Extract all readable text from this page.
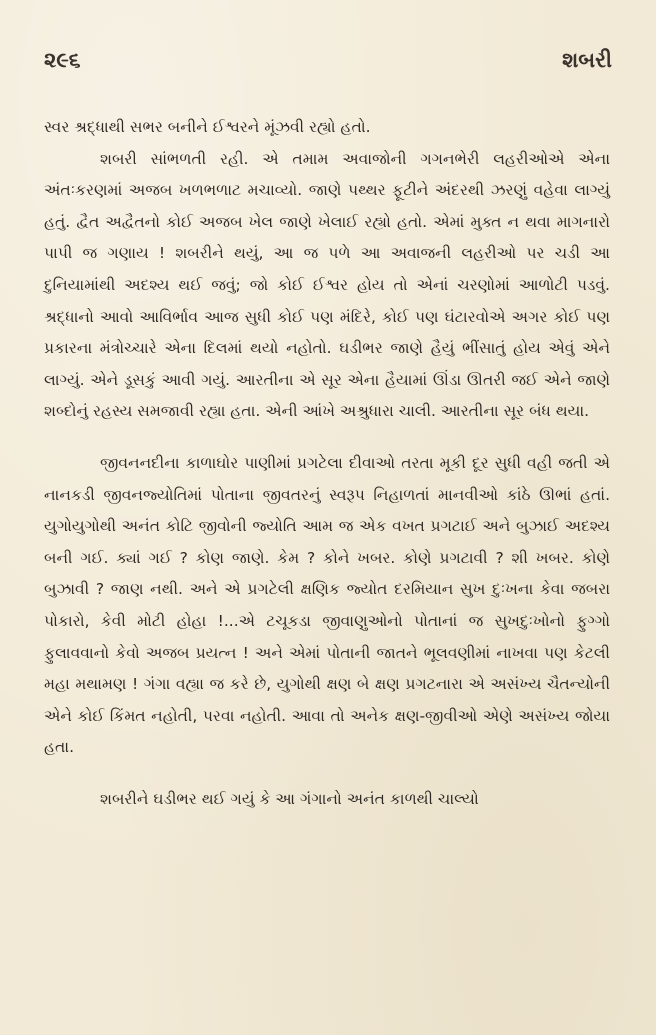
૨૯૬	શબરી

સ્વર શ્રદ્ધાથી સભર બનીને ઈશ્વરને મૂંઝવી રહ્યો હતો.

શબરી સાંભળતી રહી. એ તમામ અવાજોની ગગનભેરી લહરીઓએ એના અંતઃકરણમાં અજબ ખળભળાટ મચાવ્યો. જાણે પથ્થર ફૂટીને અંદરથી ઝરણું વહેવા લાગ્યું હતું. દ્વૈત અદ્વૈતનો કોઈ અજબ ખેલ જાણે ખેલાઈ રહ્યો હતો. એમાં મુક્ત ન થવા માગનારો પાપી જ ગણાય ! શબરીને થયું, આ જ પળે આ અવાજની લહરીઓ પર ચડી આ દુનિયામાંથી અદશ્ય થઈ જવું; જો કોઈ ઈશ્વર હોય તો એનાં ચરણોમાં આળોટી પડવું. શ્રદ્ધાનો આવો આવિર્ભાવ આજ સુધી કોઈ પણ મંદિરે, કોઈ પણ ઘંટારવોએ અગર કોઈ પણ પ્રકારના મંત્રોચ્ચારે એના દિલમાં થયો નહોતો. ઘડીભર જાણે હૈયું ભીંસાતું હોય એવું એને લાગ્યું. એને ડૂસકું આવી ગયું. આરતીના એ સૂર એના હૈયામાં ઊંડા ઊતરી જઈ એને જાણે શબ્દોનું રહસ્ય સમજાવી રહ્યા હતા. એની આંખે અશ્રુધારા ચાલી. આરતીના સૂર બંધ થયા.

જીવનનદીના કાળાઘોર પાણીમાં પ્રગટેલા દીવાઓ તરતા મૂકી દૂર સુધી વહી જતી એ નાનકડી જીવનજ્યોતિમાં પોતાના જીવતરનું સ્વરૂપ નિહાળતાં માનવીઓ કાંઠે ઊભાં હતાં. યુગોયુગોથી અનંત કોટિ જીવોની જ્યોતિ આમ જ એક વખત પ્રગટાઈ અને બુઝાઈ અદશ્ય બની ગઈ. ક્યાં ગઈ ? કોણ જાણે. કેમ ? કોને ખબર. કોણે પ્રગટાવી ? શી ખબર. કોણે બુઝાવી ? જાણ નથી. અને એ પ્રગટેલી ક્ષણિક જ્યોત દરમિયાન સુખ દુઃખના કેવા જબરા પોકારો, કેવી મોટી હોહા !...એ ટચૂકડા જીવાણુઓનો પોતાનાં જ સુખદુઃખોનો ફુગ્ગો ફુલાવવાનો કેવો અજબ પ્રયત્ન ! અને એમાં પોતાની જાતને ભૂલવણીમાં નાખવા પણ કેટલી મહા મથામણ ! ગંગા વહ્યા જ કરે છે, યુગોથી ક્ષણ બે ક્ષણ પ્રગટનારા એ અસંખ્ય ચૈતન્યોની એને કોઈ કિંમત નહોતી, પરવા નહોતી. આવા તો અનેક ક્ષણ-જીવીઓ એણે અસંખ્ય જોયા હતા.

શબરીને ઘડીભર થઈ ગયું કે આ ગંગાનો અનંત કાળથી ચાલ્યો
